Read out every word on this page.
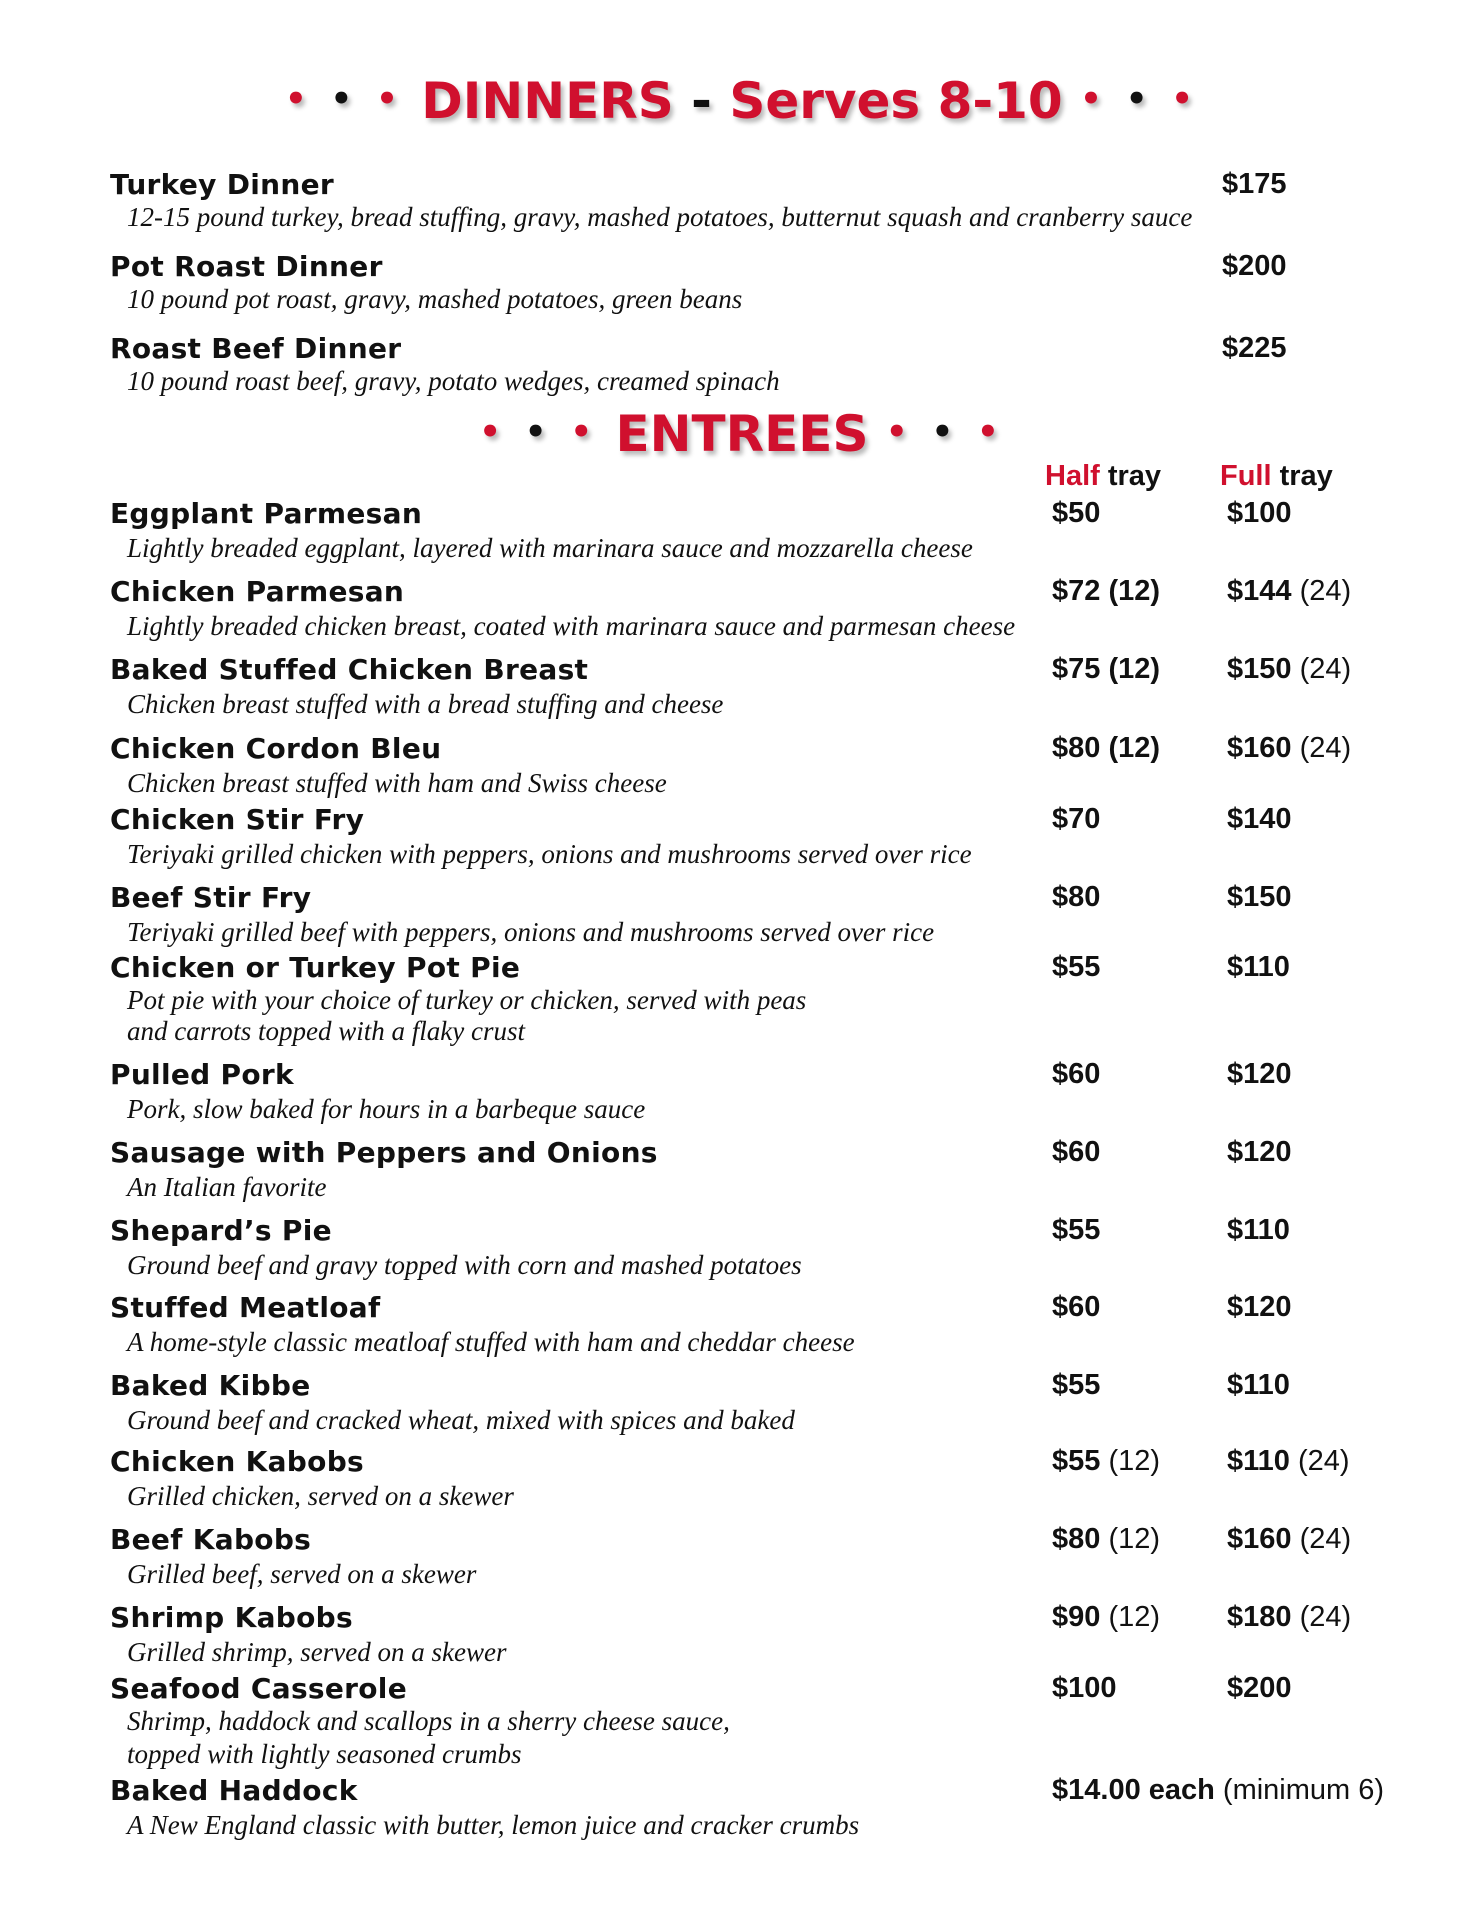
• • • DINNERS - Serves 8-10 • • •
Turkey Dinner	$175
12-15 pound turkey, bread stuffing, gravy, mashed potatoes, butternut squash and cranberry sauce
Pot Roast Dinner	$200
10 pound pot roast, gravy, mashed potatoes, green beans
Roast Beef Dinner	$225
10 pound roast beef, gravy, potato wedges, creamed spinach
• • • ENTREES • • •
Half tray Full tray
Eggplant Parmesan	$50	$100
Lightly breaded eggplant, layered with marinara sauce and mozzarella cheese
Chicken Parmesan	$72 (12) $144 (24)
Lightly breaded chicken breast, coated with marinara sauce and parmesan cheese
Baked Stuffed Chicken Breast	$75 (12) $150 (24)
Chicken breast stuffed with a bread stuffing and cheese
Chicken Cordon Bleu	$80 (12) $160 (24)
Chicken breast stuffed with ham and Swiss cheese
Chicken Stir Fry	$70	$140
Teriyaki grilled chicken with peppers, onions and mushrooms served over rice
Beef Stir Fry	$80	$150
Teriyaki grilled beef with peppers, onions and mushrooms served over rice
Chicken or Turkey Pot Pie	$55	$110
Pot pie with your choice of turkey or chicken, served with peas
and carrots topped with a flaky crust
Pulled Pork	$60	$120
Pork, slow baked for hours in a barbeque sauce
Sausage with Peppers and Onions	$60	$120
An Italian favorite
Shepard’s Pie	$55	$110
Ground beef and gravy topped with corn and mashed potatoes
Stuffed Meatloaf	$60	$120
A home-style classic meatloaf stuffed with ham and cheddar cheese
Baked Kibbe	$55	$110
Ground beef and cracked wheat, mixed with spices and baked
Chicken Kabobs	$55 (12) $110 (24)
Grilled chicken, served on a skewer
Beef Kabobs	$80 (12) $160 (24)
Grilled beef, served on a skewer
Shrimp Kabobs	$90 (12) $180 (24)
Grilled shrimp, served on a skewer
Seafood Casserole	$100	$200
Shrimp, haddock and scallops in a sherry cheese sauce,
topped with lightly seasoned crumbs
Baked Haddock	$14.00 each (minimum 6)
A New England classic with butter, lemon juice and cracker crumbs
